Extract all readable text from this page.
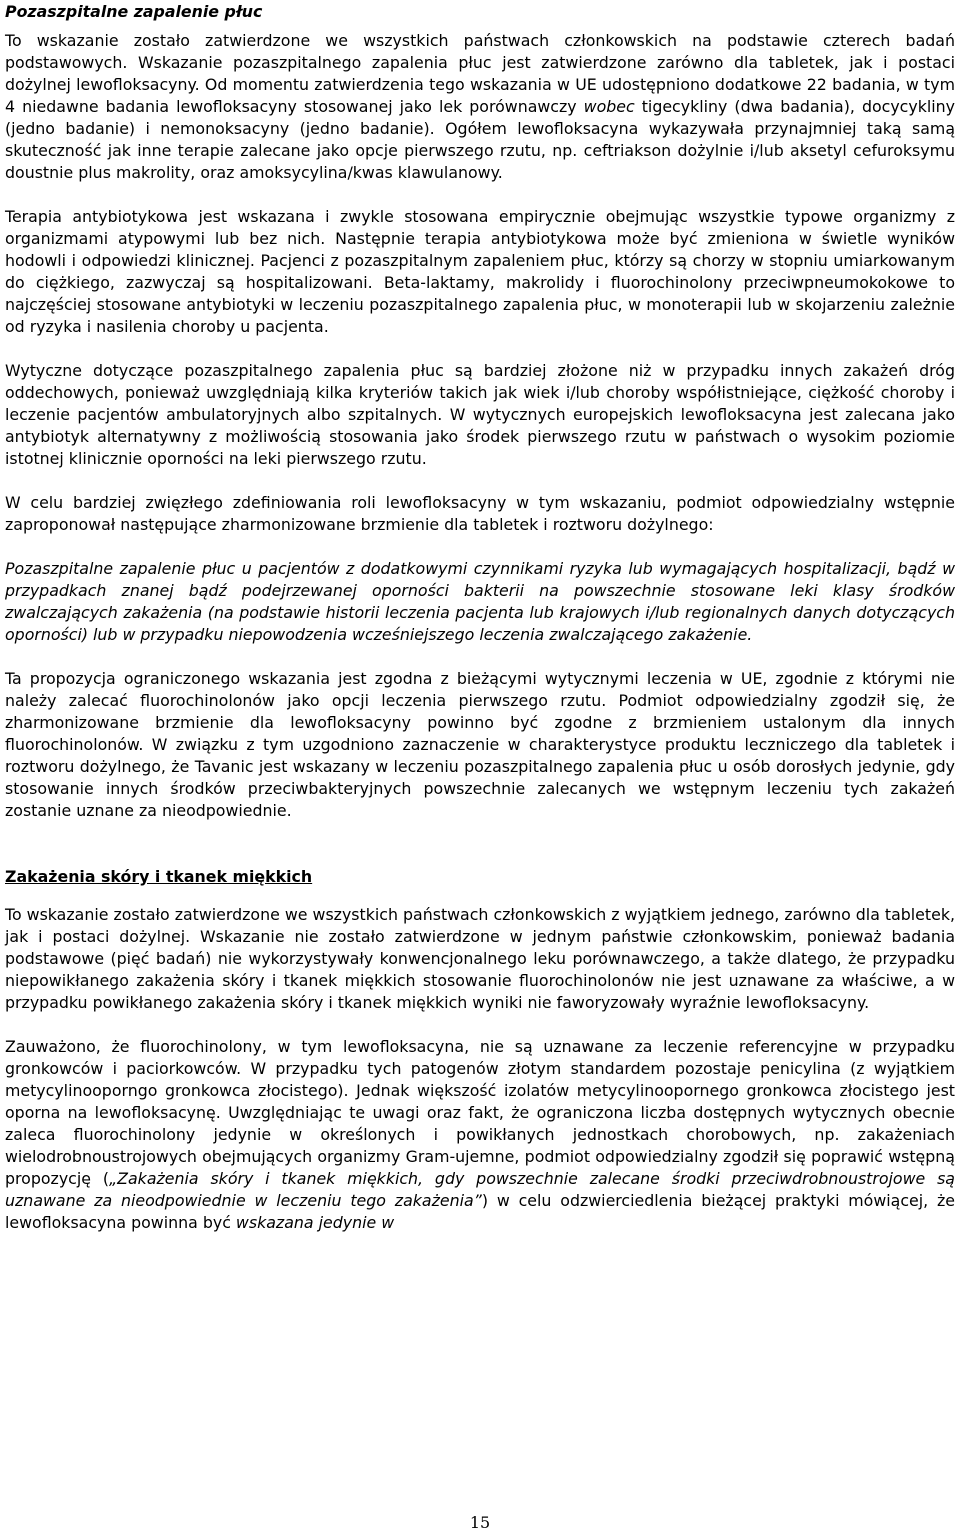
Pozaszpitalne zapalenie płuc

To wskazanie zostało zatwierdzone we wszystkich państwach członkowskich na podstawie czterech badań podstawowych. Wskazanie pozaszpitalnego zapalenia płuc jest zatwierdzone zarówno dla tabletek, jak i postaci dożylnej lewofloksacyny. Od momentu zatwierdzenia tego wskazania w UE udostępniono dodatkowe 22 badania, w tym 4 niedawne badania lewofloksacyny stosowanej jako lek porównawczy wobec tigecykliny (dwa badania), docycykliny (jedno badanie) i nemonoksacyny (jedno badanie). Ogółem lewofloksacyna wykazywała przynajmniej taką samą skuteczność jak inne terapie zalecane jako opcje pierwszego rzutu, np. ceftriakson dożylnie i/lub aksetyl cefuroksymu doustnie plus makrolity, oraz amoksycylina/kwas klawulanowy.

Terapia antybiotykowa jest wskazana i zwykle stosowana empirycznie obejmując wszystkie typowe organizmy z organizmami atypowymi lub bez nich. Następnie terapia antybiotykowa może być zmieniona w świetle wyników hodowli i odpowiedzi klinicznej. Pacjenci z pozaszpitalnym zapaleniem płuc, którzy są chorzy w stopniu umiarkowanym do ciężkiego, zazwyczaj są hospitalizowani. Beta-laktamy, makrolidy i fluorochinolony przeciwpneumokokowe to najczęściej stosowane antybiotyki w leczeniu pozaszpitalnego zapalenia płuc, w monoterapii lub w skojarzeniu zależnie od ryzyka i nasilenia choroby u pacjenta.

Wytyczne dotyczące pozaszpitalnego zapalenia płuc są bardziej złożone niż w przypadku innych zakażeń dróg oddechowych, ponieważ uwzględniają kilka kryteriów takich jak wiek i/lub choroby współistniejące, ciężkość choroby i leczenie pacjentów ambulatoryjnych albo szpitalnych. W wytycznych europejskich lewofloksacyna jest zalecana jako antybiotyk alternatywny z możliwością stosowania jako środek pierwszego rzutu w państwach o wysokim poziomie istotnej klinicznie oporności na leki pierwszego rzutu.

W celu bardziej zwięzłego zdefiniowania roli lewofloksacyny w tym wskazaniu, podmiot odpowiedzialny wstępnie zaproponował następujące zharmonizowane brzmienie dla tabletek i roztworu dożylnego:

Pozaszpitalne zapalenie płuc u pacjentów z dodatkowymi czynnikami ryzyka lub wymagających hospitalizacji, bądź w przypadkach znanej bądź podejrzewanej oporności bakterii na powszechnie stosowane leki klasy środków zwalczających zakażenia (na podstawie historii leczenia pacjenta lub krajowych i/lub regionalnych danych dotyczących oporności) lub w przypadku niepowodzenia wcześniejszego leczenia zwalczającego zakażenie.

Ta propozycja ograniczonego wskazania jest zgodna z bieżącymi wytycznymi leczenia w UE, zgodnie z którymi nie należy zalecać fluorochinolonów jako opcji leczenia pierwszego rzutu. Podmiot odpowiedzialny zgodził się, że zharmonizowane brzmienie dla lewofloksacyny powinno być zgodne z brzmieniem ustalonym dla innych fluorochinolonów. W związku z tym uzgodniono zaznaczenie w charakterystyce produktu leczniczego dla tabletek i roztworu dożylnego, że Tavanic jest wskazany w leczeniu pozaszpitalnego zapalenia płuc u osób dorosłych jedynie, gdy stosowanie innych środków przeciwbakteryjnych powszechnie zalecanych we wstępnym leczeniu tych zakażeń zostanie uznane za nieodpowiednie.

Zakażenia skóry i tkanek miękkich

To wskazanie zostało zatwierdzone we wszystkich państwach członkowskich z wyjątkiem jednego, zarówno dla tabletek, jak i postaci dożylnej. Wskazanie nie zostało zatwierdzone w jednym państwie członkowskim, ponieważ badania podstawowe (pięć badań) nie wykorzystywały konwencjonalnego leku porównawczego, a także dlatego, że przypadku niepowikłanego zakażenia skóry i tkanek miękkich stosowanie fluorochinolonów nie jest uznawane za właściwe, a w przypadku powikłanego zakażenia skóry i tkanek miękkich wyniki nie faworyzowały wyraźnie lewofloksacyny.

Zauważono, że fluorochinolony, w tym lewofloksacyna, nie są uznawane za leczenie referencyjne w przypadku gronkowców i paciorkowców. W przypadku tych patogenów złotym standardem pozostaje penicylina (z wyjątkiem metycylinooporngo gronkowca złocistego). Jednak większość izolatów metycylinoopornego gronkowca złocistego jest oporna na lewofloksacynę. Uwzględniając te uwagi oraz fakt, że ograniczona liczba dostępnych wytycznych obecnie zaleca fluorochinolony jedynie w określonych i powikłanych jednostkach chorobowych, np. zakażeniach wielodrobnoustrojowych obejmujących organizmy Gram-ujemne, podmiot odpowiedzialny zgodził się poprawić wstępną propozycję („Zakażenia skóry i tkanek miękkich, gdy powszechnie zalecane środki przeciwdrobnoustrojowe są uznawane za nieodpowiednie w leczeniu tego zakażenia”) w celu odzwierciedlenia bieżącej praktyki mówiącej, że lewofloksacyna powinna być wskazana jedynie w

15
